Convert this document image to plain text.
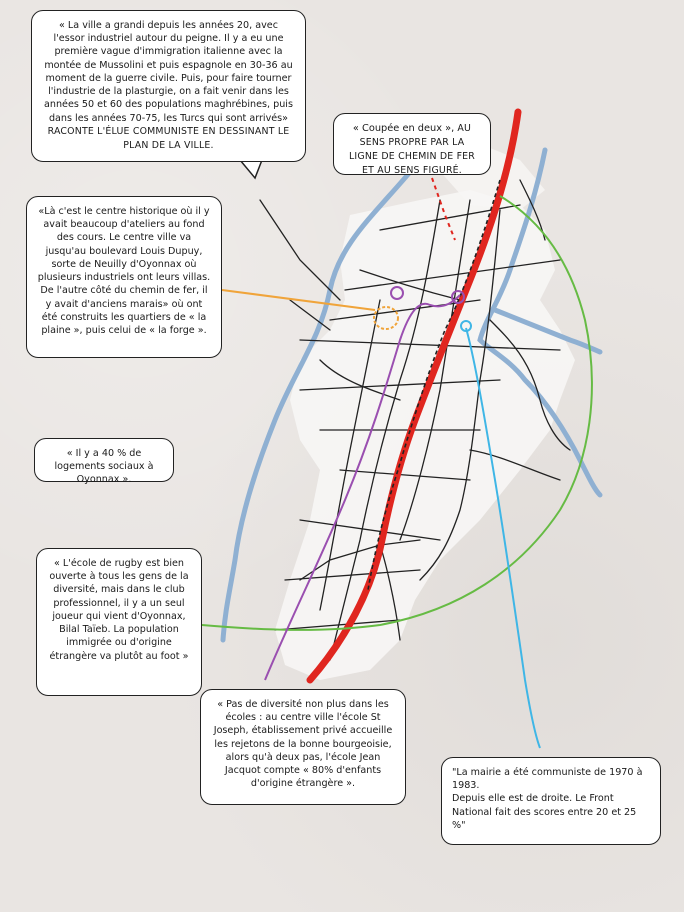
« La ville a grandi depuis les années 20, avec l'essor industriel autour du peigne. Il y a eu une première vague d'immigration italienne avec la montée de Mussolini et puis espagnole en 30-36 au moment de la guerre civile. Puis, pour faire tourner l'industrie de la plasturgie, on a fait venir dans les années 50 et 60 des populations maghrébines, puis dans les années 70-75, les Turcs qui sont arrivés» RACONTE L'ÉLUE COMMUNISTE EN DESSINANT LE PLAN DE LA VILLE.
« Coupée en deux », AU SENS PROPRE PAR LA LIGNE DE CHEMIN DE FER ET AU SENS FIGURÉ.
«Là c'est le centre historique où il y avait beaucoup d'ateliers au fond des cours. Le centre ville va jusqu'au boulevard Louis Dupuy, sorte de Neuilly d'Oyonnax où plusieurs industriels ont leurs villas. De l'autre côté du chemin de fer, il y avait d'anciens marais» où ont été construits les quartiers de « la plaine », puis celui de « la forge ».
« Il y a 40 % de logements sociaux à Oyonnax ».
« L'école de rugby est bien ouverte à tous les gens de la diversité, mais dans le club professionnel, il y a un seul joueur qui vient d'Oyonnax, Bilal Taïeb. La population immigrée ou d'origine étrangère va plutôt au foot »
« Pas de diversité non plus dans les écoles : au centre ville l'école St Joseph, établissement privé accueille les rejetons de la bonne bourgeoisie, alors qu'à deux pas, l'école Jean Jacquot compte « 80% d'enfants d'origine étrangère ».

"La mairie a été communiste de 1970 à 1983.

Depuis elle est de droite. Le Front National fait des scores entre 20 et 25 %"
